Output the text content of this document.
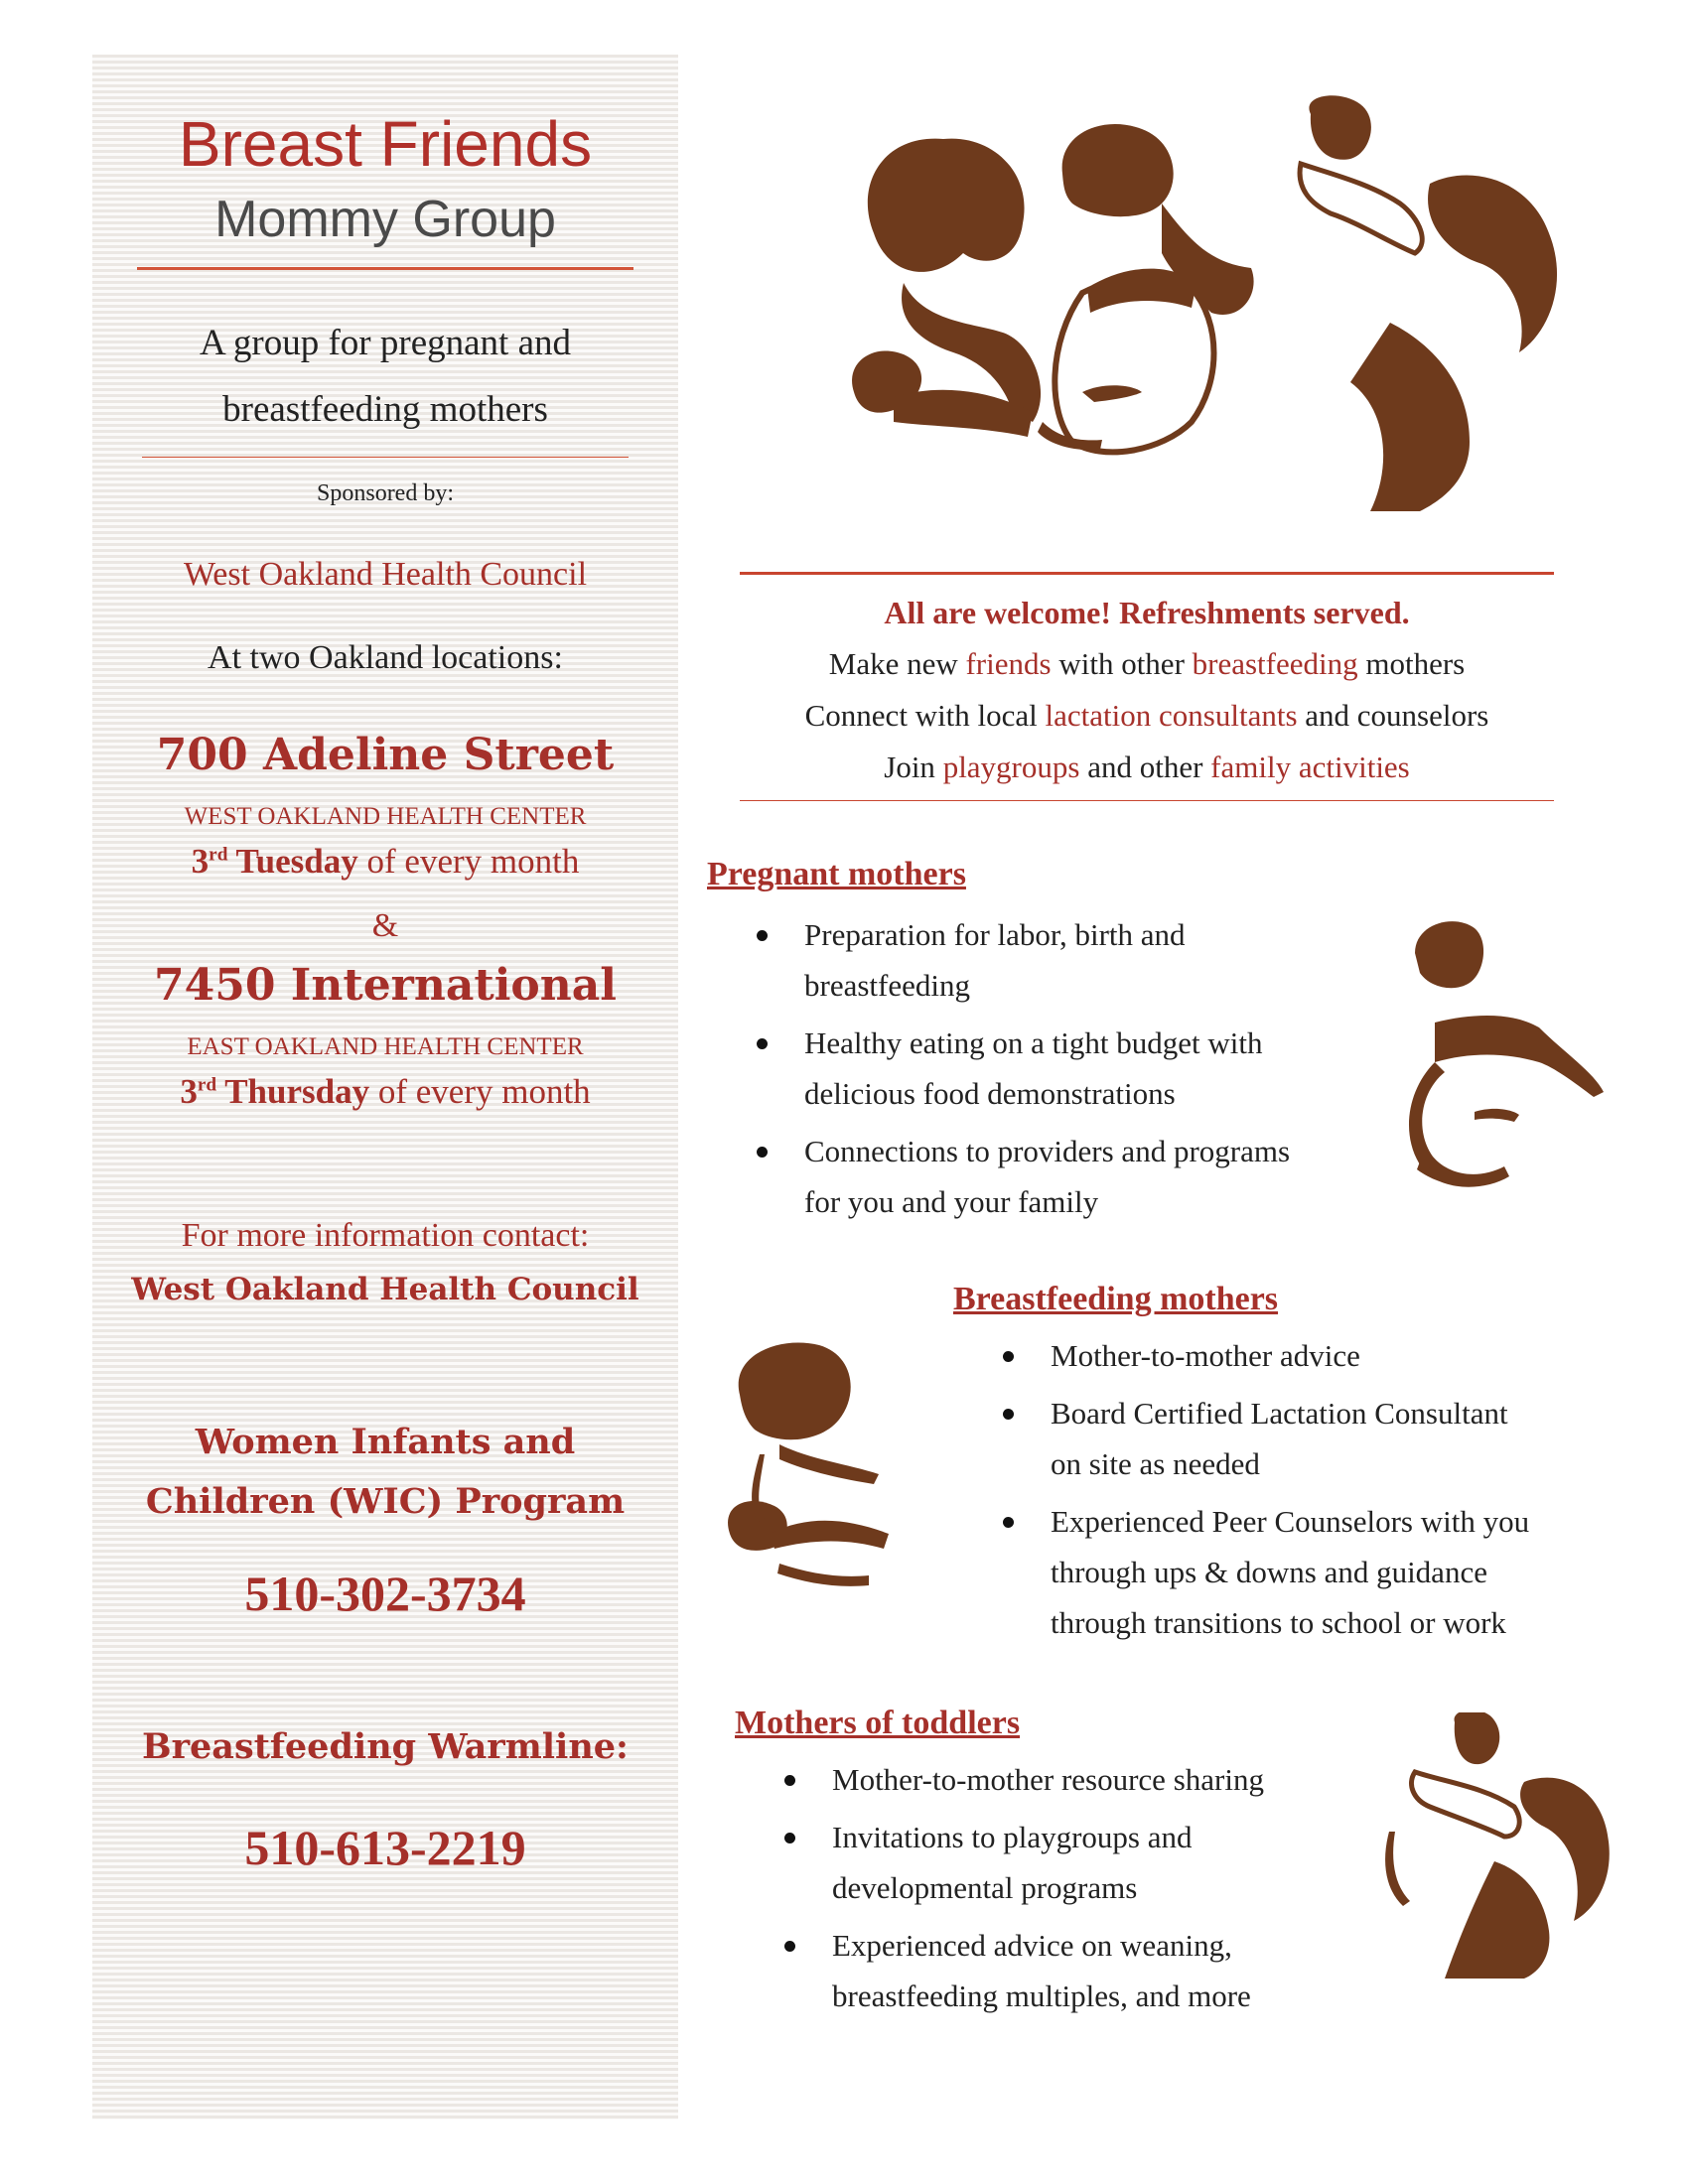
Breast Friends
Mommy Group
A group for pregnant and
breastfeeding mothers
Sponsored by:
West Oakland Health Council
At two Oakland locations:
700 Adeline Street
WEST OAKLAND HEALTH CENTER
3rd Tuesday of every month
&
7450 International
EAST OAKLAND HEALTH CENTER
3rd Thursday of every month
For more information contact:
West Oakland Health Council
Women Infants and
Children (WIC) Program
510-302-3734
Breastfeeding Warmline:
510-613-2219
All are welcome! Refreshments served.
Make new friends with other breastfeeding mothers
Connect with local lactation consultants and counselors
Join playgroups and other family activities
Pregnant mothers
Preparation for labor, birth and
breastfeeding
Healthy eating on a tight budget with
delicious food demonstrations
Connections to providers and programs
for you and your family
Breastfeeding mothers
Mother-to-mother advice
Board Certified Lactation Consultant
on site as needed
Experienced Peer Counselors with you
through ups & downs and guidance
through transitions to school or work
Mothers of toddlers
Mother-to-mother resource sharing
Invitations to playgroups and
developmental programs
Experienced advice on weaning,
breastfeeding multiples, and more
